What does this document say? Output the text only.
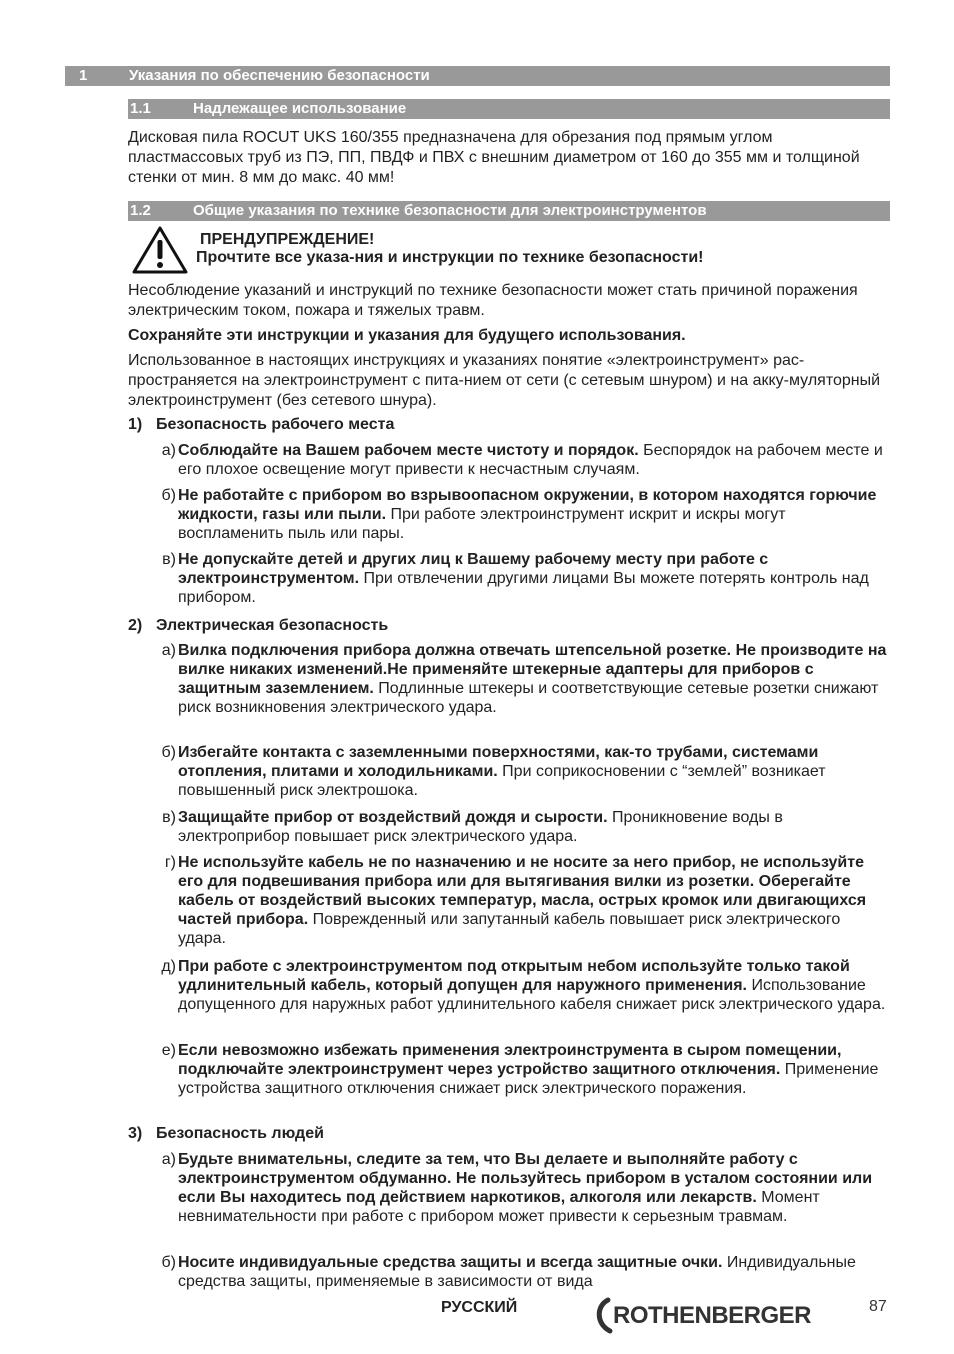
1	Указания по обеспечению безопасности
1.1	Надлежащее использование
Дисковая пила ROCUT UKS 160/355 предназначена для обрезания под прямым углом пластмассовых труб из ПЭ, ПП, ПВДФ и ПВХ с внешним диаметром от 160 до 355 мм и толщиной стенки от мин. 8 мм до макс. 40 мм!
1.2	Общие указания по технике безопасности для электроинструментов
ПРЕНДУПРЕЖДЕНИЕ!
Прочтите все указа-ния и инструкции по технике безопасности!
Несоблюдение указаний и инструкций по технике безопасности может стать причиной поражения электрическим током, пожара и тяжелых травм.
Сохраняйте эти инструкции и указания для будущего использования.
Использованное в настоящих инструкциях и указаниях понятие «электроинструмент» рас-пространяется на электроинструмент с пита-нием от сети (с сетевым шнуром) и на акку-муляторный электроинструмент (без сетевого шнура).
1) Безопасность рабочего места
а) Соблюдайте на Вашем рабочем месте чистоту и порядок. Беспорядок на рабочем месте и его плохое освещение могут привести к несчастным случаям.
б) Не работайте с прибором во взрывоопасном окружении, в котором находятся горючие жидкости, газы или пыли. При работе электроинструмент искрит и искры могут воспламенить пыль или пары.
в) Не допускайте детей и других лиц к Вашему рабочему месту при работе с электроинструментом. При отвлечении другими лицами Вы можете потерять контроль над прибором.
2) Электрическая безопасность
а) Вилка подключения прибора должна отвечать штепсельной розетке. Не производите на вилке никаких изменений.Не применяйте штекерные адаптеры для приборов с защитным заземлением. Подлинные штекеры и соответствующие сетевые розетки снижают риск возникновения электрического удара.
б) Избегайте контакта с заземленными поверхностями, как-то трубами, системами отопления, плитами и холодильниками. При соприкосновении с “землей” возникает повышенный риск электрошока.
в) Защищайте прибор от воздействий дождя и сырости. Проникновение воды в электроприбор повышает риск электрического удара.
г) Не используйте кабель не по назначению и не носите за него прибор, не используйте его для подвешивания прибора или для вытягивания вилки из розетки. Оберегайте кабель от воздействий высоких температур, масла, острых кромок или двигающихся частей прибора. Поврежденный или запутанный кабель повышает риск электрического удара.
д) При работе с электроинструментом под открытым небом используйте только такой удлинительный кабель, который допущен для наружного применения. Использование допущенного для наружных работ удлинительного кабеля снижает риск электрического удара.
е) Если невозможно избежать применения электроинструмента в сыром помещении, подключайте электроинструмент через устройство защитного отключения. Применение устройства защитного отключения снижает риск электрического поражения.
3) Безопасность людей
а) Будьте внимательны, следите за тем, что Вы делаете и выполняйте работу с электроинструментом обдуманно. Не пользуйтесь прибором в усталом состоянии или если Вы находитесь под действием наркотиков, алкоголя или лекарств. Момент невнимательности при работе с прибором может привести к серьезным травмам.
б) Носите индивидуальные средства защиты и всегда защитные очки. Индивидуальные средства защиты, применяемые в зависимости от вида
РУССКИЙ	ROTHENBERGER	87
